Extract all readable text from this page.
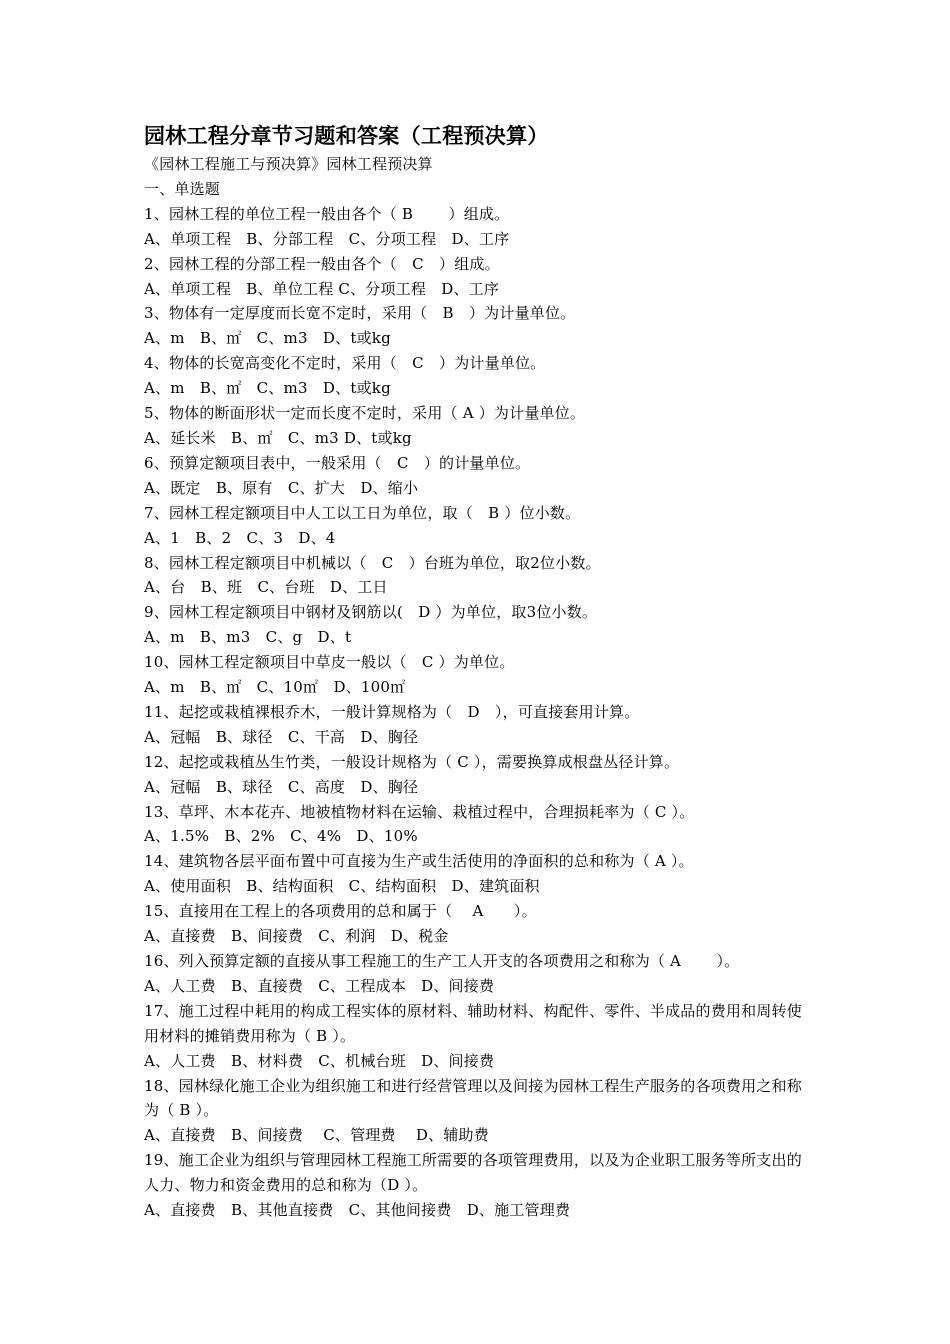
园林工程分章节习题和答案（工程预决算）
《园林工程施工与预决算》园林工程预决算
一、单选题
1、园林工程的单位工程一般由各个（ B　　 ）组成。
A、单项工程　B、分部工程　C、分项工程　D、工序
2、园林工程的分部工程一般由各个（　C　）组成。
A、单项工程　B、单位工程 C、分项工程　D、工序
3、物体有一定厚度而长宽不定时，采用（　B　）为计量单位。
A、m　B、㎡　C、m3　D、t或kg
4、物体的长宽高变化不定时，采用（　C　）为计量单位。
A、m　B、㎡　C、m3　D、t或kg
5、物体的断面形状一定而长度不定时，采用（ A ）为计量单位。
A、延长米　B、㎡　C、m3 D、t或kg
6、预算定额项目表中，一般采用（　C　）的计量单位。
A、既定　B、原有　C、扩大　D、缩小
7、园林工程定额项目中人工以工日为单位，取（　B ）位小数。
A、1　B、2　C、3　D、4
8、园林工程定额项目中机械以（　C　）台班为单位，取2位小数。
A、台　B、班　C、台班　D、工日
9、园林工程定额项目中钢材及钢筋以(　D ）为单位，取3位小数。
A、m　B、m3　C、g　D、t
10、园林工程定额项目中草皮一般以（　C ）为单位。
A、m　B、㎡　C、10㎡　D、100㎡
11、起挖或栽植裸根乔木，一般计算规格为（　D　），可直接套用计算。
A、冠幅　B、球径　C、干高　D、胸径
12、起挖或栽植丛生竹类，一般设计规格为（ C ），需要换算成根盘丛径计算。
A、冠幅　B、球径　C、高度　D、胸径
13、草坪、木本花卉、地被植物材料在运输、栽植过程中，合理损耗率为（ C ）。
A、1.5%　B、2%　C、4%　D、10%
14、建筑物各层平面布置中可直接为生产或生活使用的净面积的总和称为（ A ）。
A、使用面积　B、结构面积　C、结构面积　D、建筑面积
15、直接用在工程上的各项费用的总和属于（　 A　　）。
A、直接费　B、间接费　C、利润　D、税金
16、列入预算定额的直接从事工程施工的生产工人开支的各项费用之和称为（ A　　 ）。
A、人工费　B、直接费　C、工程成本　D、间接费
17、施工过程中耗用的构成工程实体的原材料、辅助材料、构配件、零件、半成品的费用和周转使用材料的摊销费用称为（ B ）。
A、人工费　B、材料费　C、机械台班　D、间接费
18、园林绿化施工企业为组织施工和进行经营管理以及间接为园林工程生产服务的各项费用之和称为（ B ）。
A、直接费　B、间接费　 C、管理费　 D、辅助费
19、施工企业为组织与管理园林工程施工所需要的各项管理费用，以及为企业职工服务等所支出的人力、物力和资金费用的总和称为（D ）。
A、直接费　B、其他直接费　C、其他间接费　D、施工管理费
